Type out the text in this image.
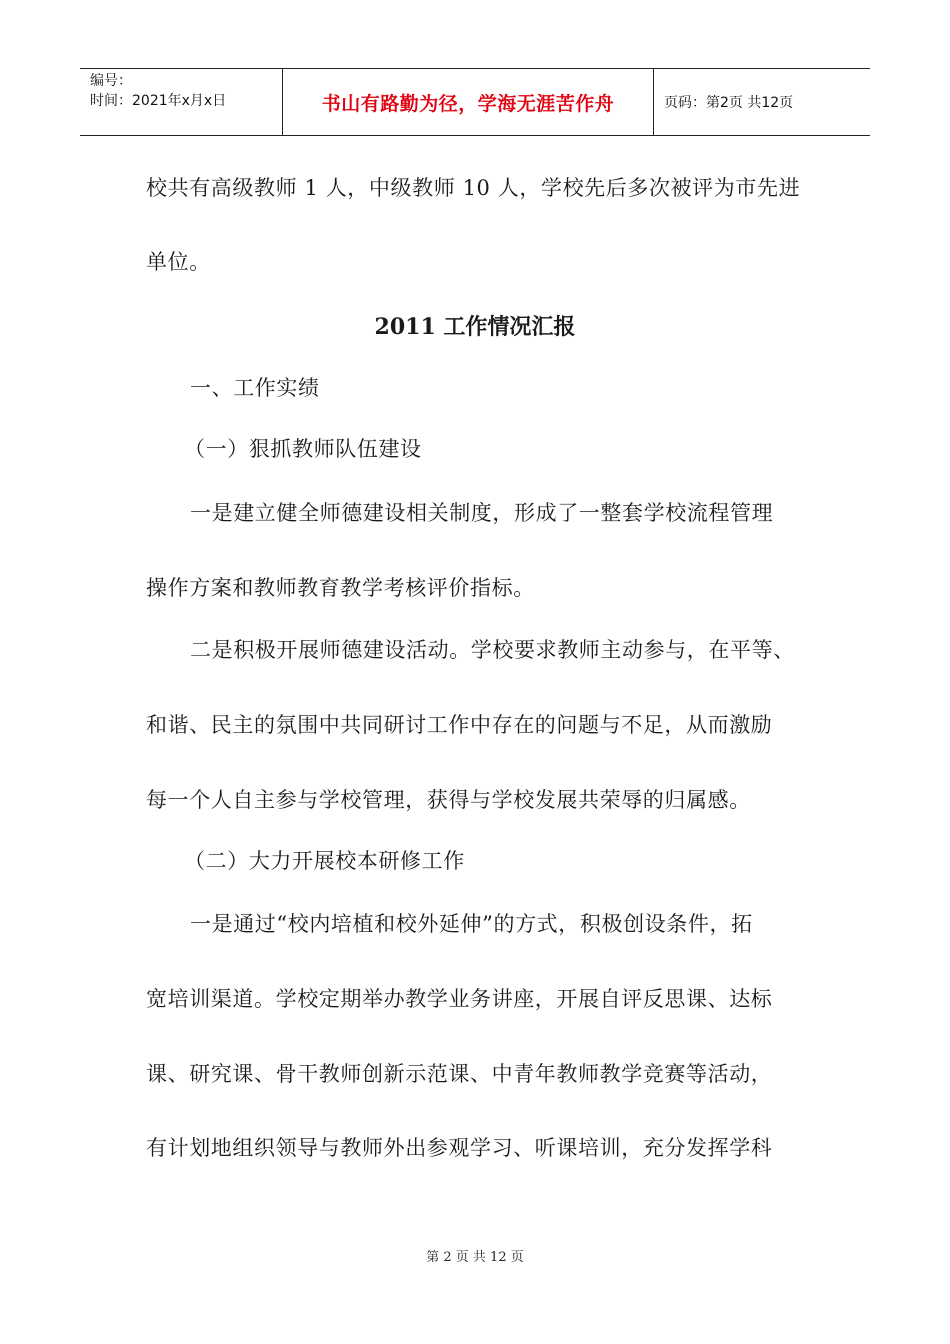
编号：
时间：2021年x月x日	书山有路勤为径，学海无涯苦作舟	页码：第2页 共12页
校共有高级教师 1 人，中级教师 10 人，学校先后多次被评为市先进
单位。
2011 工作情况汇报
一、工作实绩
（一）狠抓教师队伍建设
一是建立健全师德建设相关制度，形成了一整套学校流程管理
操作方案和教师教育教学考核评价指标。
二是积极开展师德建设活动。学校要求教师主动参与，在平等、
和谐、民主的氛围中共同研讨工作中存在的问题与不足，从而激励
每一个人自主参与学校管理，获得与学校发展共荣辱的归属感。
（二）大力开展校本研修工作
一是通过“校内培植和校外延伸”的方式，积极创设条件，拓
宽培训渠道。学校定期举办教学业务讲座，开展自评反思课、达标
课、研究课、骨干教师创新示范课、中青年教师教学竞赛等活动，
有计划地组织领导与教师外出参观学习、听课培训，充分发挥学科
第 2 页 共 12 页
